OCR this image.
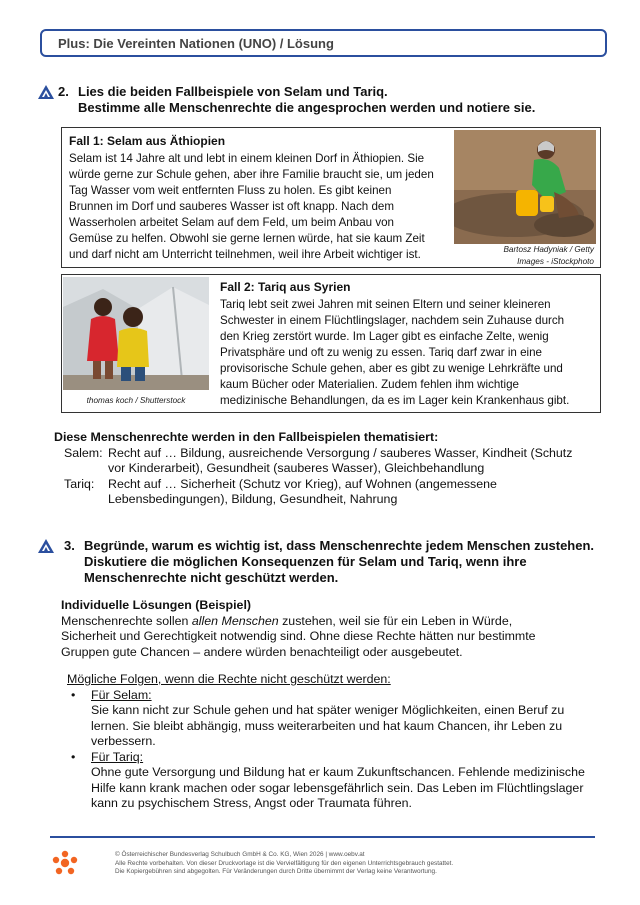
Plus: Die Vereinten Nationen (UNO) / Lösung
2. Lies die beiden Fallbeispiele von Selam und Tariq.
Bestimme alle Menschenrechte die angesprochen werden und notiere sie.
Fall 1: Selam aus Äthiopien
Selam ist 14 Jahre alt und lebt in einem kleinen Dorf in Äthiopien. Sie
würde gerne zur Schule gehen, aber ihre Familie braucht sie, um jeden
Tag Wasser vom weit entfernten Fluss zu holen. Es gibt keinen
Brunnen im Dorf und sauberes Wasser ist oft knapp. Nach dem
Wasserholen arbeitet Selam auf dem Feld, um beim Anbau von
Gemüse zu helfen. Obwohl sie gerne lernen würde, hat sie kaum Zeit
und darf nicht am Unterricht teilnehmen, weil ihre Arbeit wichtiger ist.	Bartosz Hadyniak / Getty
Images - iStockphoto
thomas koch / Shutterstock
Fall 2: Tariq aus Syrien
Tariq lebt seit zwei Jahren mit seinen Eltern und seiner kleineren
Schwester in einem Flüchtlingslager, nachdem sein Zuhause durch
den Krieg zerstört wurde. Im Lager gibt es einfache Zelte, wenig
Privatsphäre und oft zu wenig zu essen. Tariq darf zwar in eine
provisorische Schule gehen, aber es gibt zu wenige Lehrkräfte und
kaum Bücher oder Materialien. Zudem fehlen ihm wichtige
medizinische Behandlungen, da es im Lager kein Krankenhaus gibt.
Diese Menschenrechte werden in den Fallbeispielen thematisiert:
Salem: Recht auf … Bildung, ausreichende Versorgung / sauberes Wasser, Kindheit (Schutz
vor Kinderarbeit), Gesundheit (sauberes Wasser), Gleichbehandlung
Tariq:	Recht auf … Sicherheit (Schutz vor Krieg), auf Wohnen (angemessene
Lebensbedingungen), Bildung, Gesundheit, Nahrung
3. Begründe, warum es wichtig ist, dass Menschenrechte jedem Menschen zustehen.
Diskutiere die möglichen Konsequenzen für Selam und Tariq, wenn ihre
Menschenrechte nicht geschützt werden.
Individuelle Lösungen (Beispiel)
Menschenrechte sollen allen Menschen zustehen, weil sie für ein Leben in Würde,
Sicherheit und Gerechtigkeit notwendig sind. Ohne diese Rechte hätten nur bestimmte
Gruppen gute Chancen – andere würden benachteiligt oder ausgebeutet.
Mögliche Folgen, wenn die Rechte nicht geschützt werden:
• Für Selam:
Sie kann nicht zur Schule gehen und hat später weniger Möglichkeiten, einen Beruf zu
lernen. Sie bleibt abhängig, muss weiterarbeiten und hat kaum Chancen, ihr Leben zu
verbessern.
• Für Tariq:
Ohne gute Versorgung und Bildung hat er kaum Zukunftschancen. Fehlende medizinische
Hilfe kann krank machen oder sogar lebensgefährlich sein. Das Leben im Flüchtlingslager
kann zu psychischem Stress, Angst oder Traumata führen.
© Österreichischer Bundesverlag Schulbuch GmbH & Co. KG, Wien 2026 | www.oebv.at
Alle Rechte vorbehalten. Von dieser Druckvorlage ist die Vervielfältigung für den eigenen Unterrichtsgebrauch gestattet.
Die Kopiergebühren sind abgegolten. Für Veränderungen durch Dritte übernimmt der Verlag keine Verantwortung.
